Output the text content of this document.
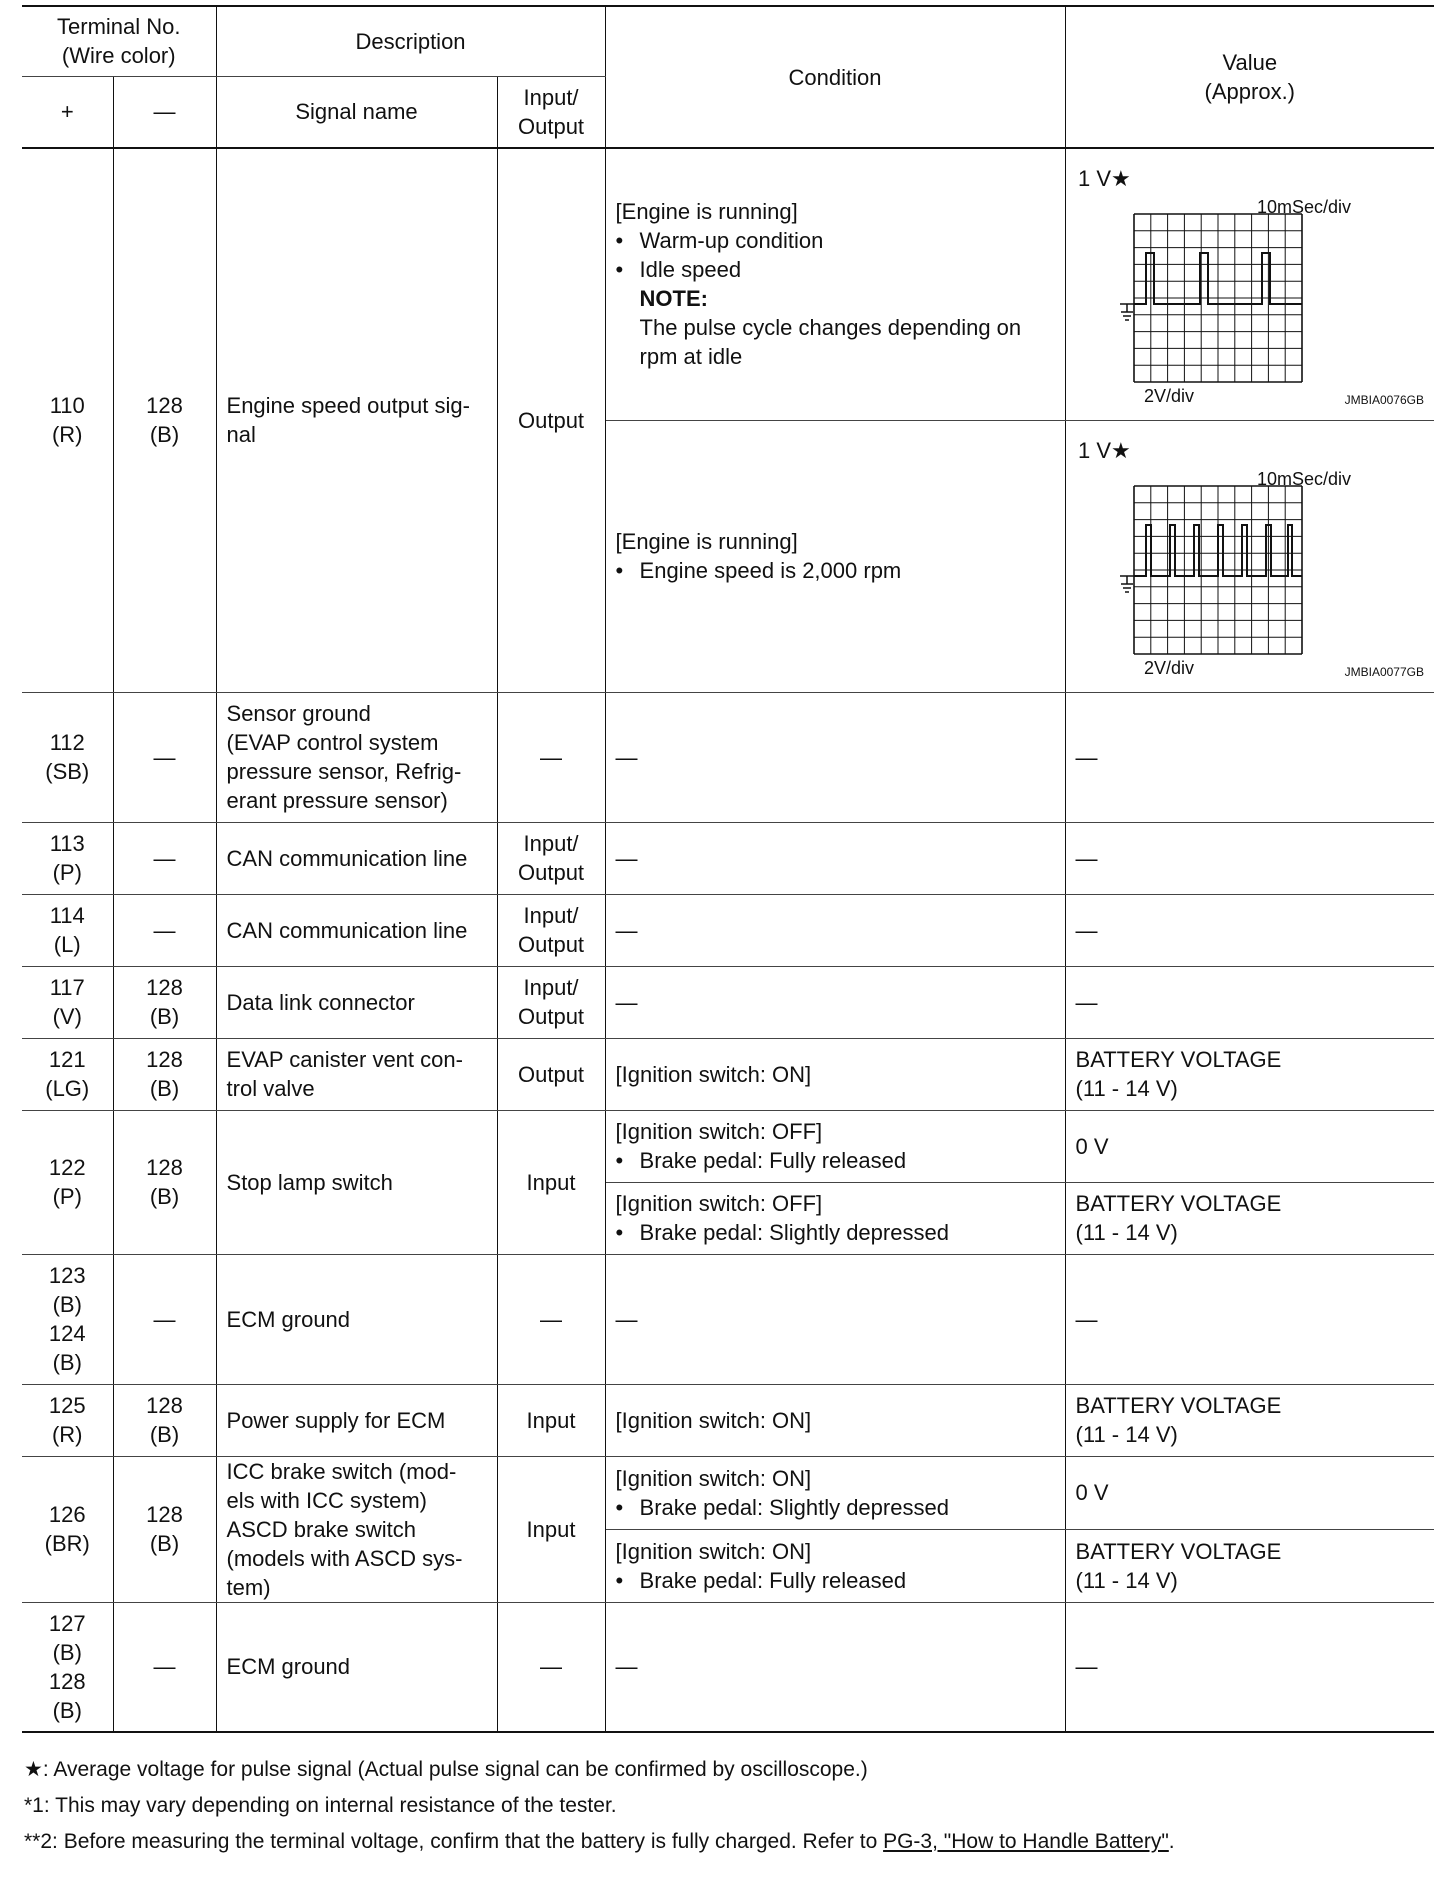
Terminal No.
(Wire color)		Description		Condition	Value
(Approx.)
+	—	Signal name	Input/
Output		
110
(R)	128
(B)	Engine speed output sig-
nal	Output	[Engine is running]
• Warm-up condition
• Idle speed
NOTE:
The pulse cycle changes depending on rpm at idle	1 V★
10mSec/div
2V/div JMBIA0076GB

				[Engine is running]
• Engine speed is 2,000 rpm	1 V★
10mSec/div
2V/div JMBIA0077GB

112
(SB)	—	Sensor ground
(EVAP control system pressure sensor, Refrig-
erant pressure sensor)	—	—	—
113
(P)	—	CAN communication line	Input/
Output	—	—
114
(L)	—	CAN communication line	Input/
Output	—	—
117
(V)	128
(B)	Data link connector	Input/
Output	—	—
121
(LG)	128
(B)	EVAP canister vent con-
trol valve	Output	[Ignition switch: ON]	BATTERY VOLTAGE
(11 - 14 V)
122
(P)	128
(B)	Stop lamp switch	Input	[Ignition switch: OFF]
• Brake pedal: Fully released	0 V

				[Ignition switch: OFF]
• Brake pedal: Slightly depressed	BATTERY VOLTAGE
(11 - 14 V)
123
(B)
124
(B)	—	ECM ground	—	—	—
125
(R)	128
(B)	Power supply for ECM	Input	[Ignition switch: ON]	BATTERY VOLTAGE
(11 - 14 V)
126
(BR)	128
(B)	ICC brake switch (mod-
els with ICC system)
ASCD brake switch
(models with ASCD sys-
tem)	Input	[Ignition switch: ON]
• Brake pedal: Slightly depressed	0 V

				[Ignition switch: ON]
• Brake pedal: Fully released	BATTERY VOLTAGE
(11 - 14 V)
127
(B)
128
(B)	—	ECM ground	—	—	—
★: Average voltage for pulse signal (Actual pulse signal can be confirmed by oscilloscope.)
*1: This may vary depending on internal resistance of the tester.
**2: Before measuring the terminal voltage, confirm that the battery is fully charged. Refer to PG-3, "How to Handle Battery".
